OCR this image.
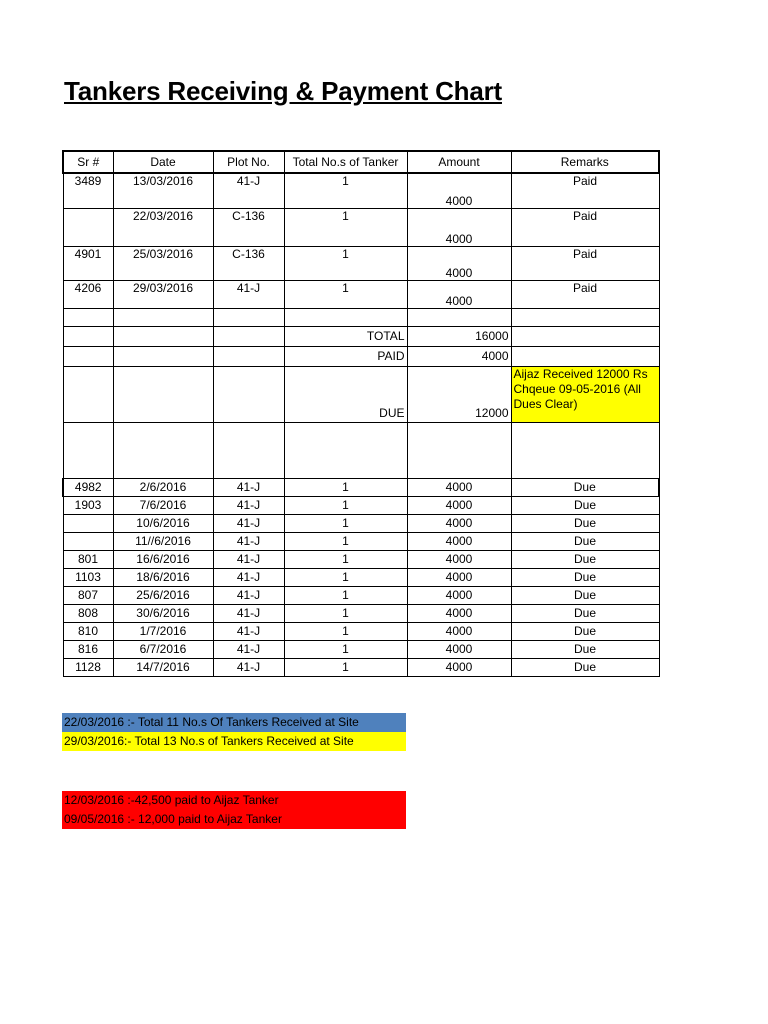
Tankers Receiving & Payment Chart
Sr #	Date	Plot No.	Total No.s of Tanker	Amount	Remarks
3489	13/03/2016	41-J	1	4000	Paid
	22/03/2016	C-136	1	4000	Paid
4901	25/03/2016	C-136	1	4000	Paid
4206	29/03/2016	41-J	1	4000	Paid

			TOTAL	16000	
			PAID	4000	
			DUE	12000	Aijaz Received 12000 Rs Chqeue 09-05-2016 (All Dues Clear)

4982	2/6/2016	41-J	1	4000	Due
1903	7/6/2016	41-J	1	4000	Due
	10/6/2016	41-J	1	4000	Due
	11//6/2016	41-J	1	4000	Due
801	16/6/2016	41-J	1	4000	Due
1103	18/6/2016	41-J	1	4000	Due
807	25/6/2016	41-J	1	4000	Due
808	30/6/2016	41-J	1	4000	Due
810	1/7/2016	41-J	1	4000	Due
816	6/7/2016	41-J	1	4000	Due
1128	14/7/2016	41-J	1	4000	Due
22/03/2016 :- Total 11 No.s Of Tankers Received at Site
29/03/2016:- Total 13 No.s of Tankers Received at Site
12/03/2016 :-42,500 paid to Aijaz Tanker
09/05/2016 :- 12,000 paid to Aijaz Tanker
